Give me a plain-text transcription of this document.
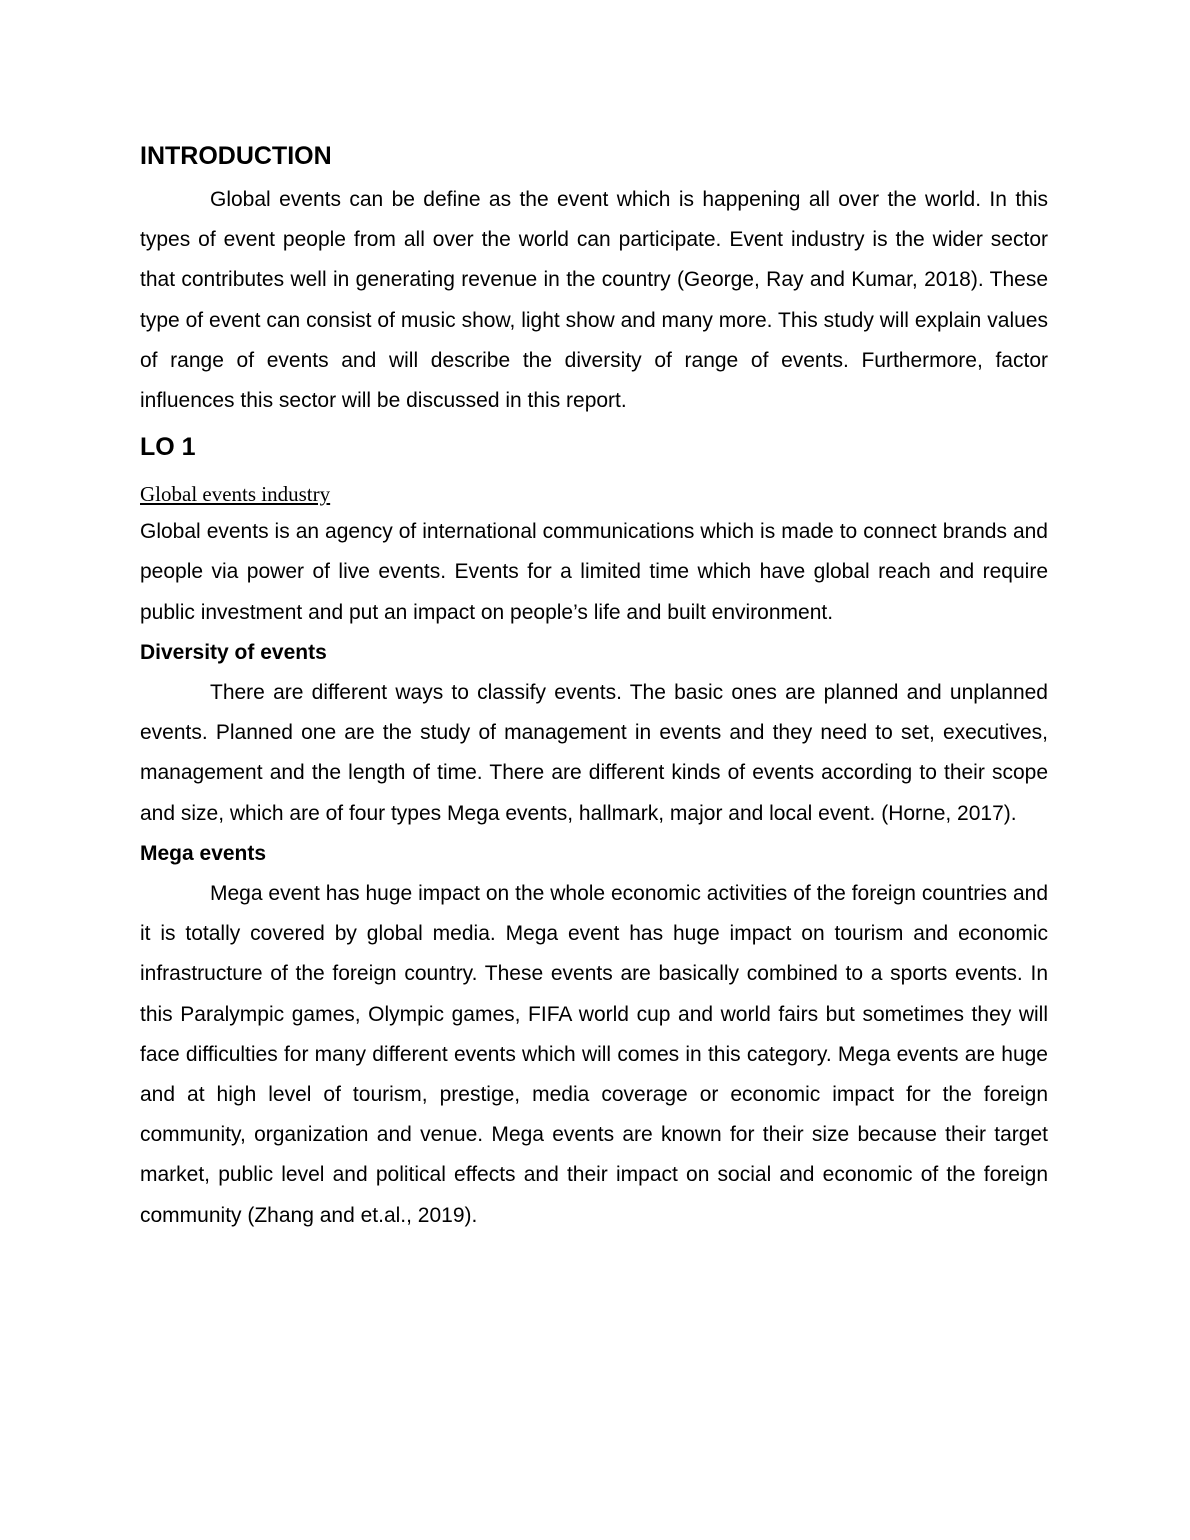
INTRODUCTION

Global events can be define as the event which is happening all over the world. In this types of event people from all over the world can participate. Event industry is the wider sector that contributes well in generating revenue in the country (George, Ray and Kumar, 2018). These type of event can consist of music show, light show and many more. This study will explain values of range of events and will describe the diversity of range of events. Furthermore, factor influences this sector will be discussed in this report.

LO 1
Global events industry

Global events is an agency of international communications which is made to connect brands and people via power of live events. Events for a limited time which have global reach and require public investment and put an impact on people’s life and built environment.

Diversity of events

There are different ways to classify events. The basic ones are planned and unplanned events. Planned one are the study of management in events and they need to set, executives, management and the length of time. There are different kinds of events according to their scope and size, which are of four types Mega events, hallmark, major and local event. (Horne, 2017).

Mega events

Mega event has huge impact on the whole economic activities of the foreign countries and it is totally covered by global media. Mega event has huge impact on tourism and economic infrastructure of the foreign country. These events are basically combined to a sports events. In this Paralympic games, Olympic games, FIFA world cup and world fairs but sometimes they will face difficulties for many different events which will comes in this category. Mega events are huge and at high level of tourism, prestige, media coverage or economic impact for the foreign community, organization and venue. Mega events are known for their size because their target market, public level and political effects and their impact on social and economic of the foreign community (Zhang and et.al., 2019).
